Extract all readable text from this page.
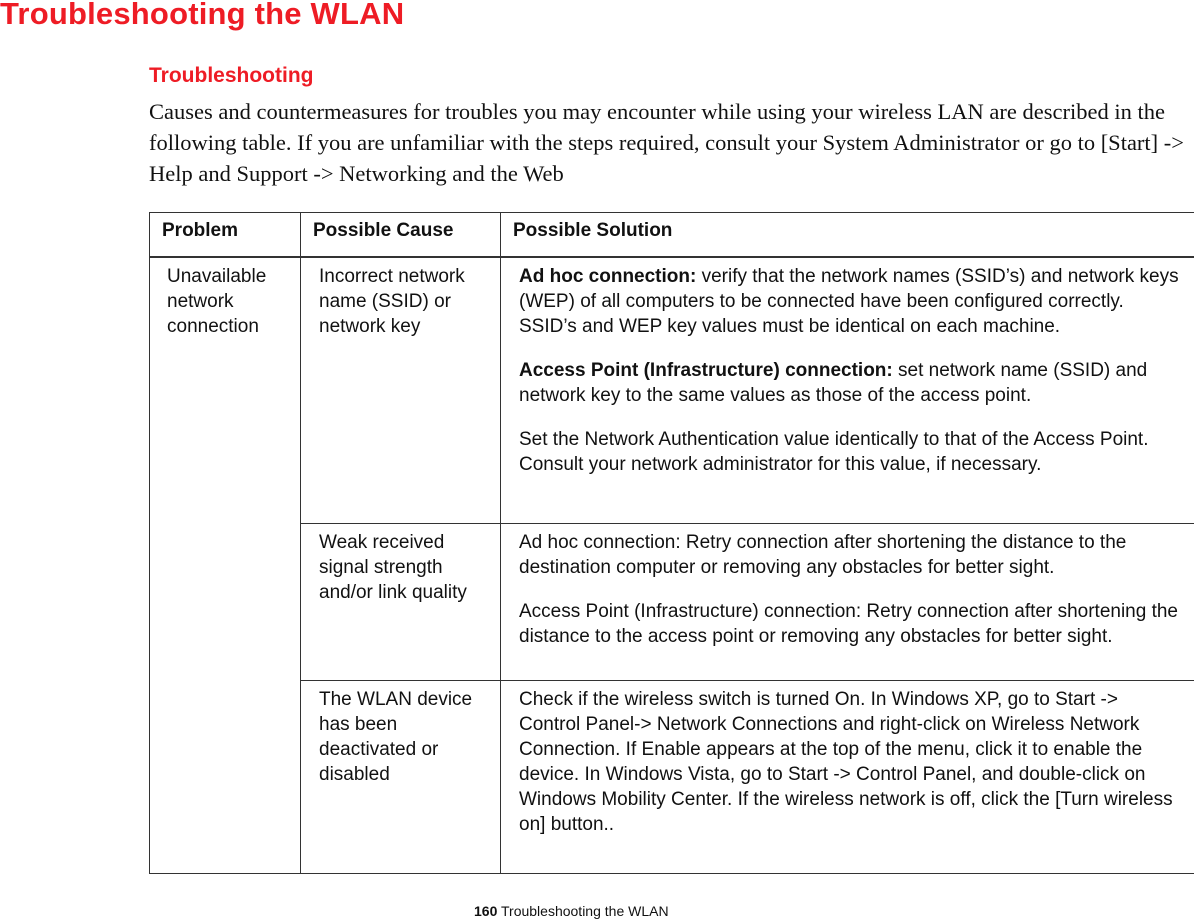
Troubleshooting the WLAN
Troubleshooting

Causes and countermeasures for troubles you may encounter while using your wireless LAN are described in the following table. If you are unfamiliar with the steps required, consult your System Administrator or go to [Start] -> Help and Support -> Networking and the Web

Problem	Possible Cause	Possible Solution
Unavailable network connection	Incorrect network name (SSID) or network key	Ad hoc connection: verify that the network names (SSID’s) and network keys (WEP) of all computers to be connected have been configured correctly. SSID’s and WEP key values must be identical on each machine.

Access Point (Infrastructure) connection: set network name (SSID) and network key to the same values as those of the access point.

Set the Network Authentication value identically to that of the Access Point. Consult your network administrator for this value, if necessary.

	Weak received signal strength and/or link quality	Ad hoc connection: Retry connection after shortening the distance to the destination computer or removing any obstacles for better sight.

Access Point (Infrastructure) connection: Retry connection after shortening the distance to the access point or removing any obstacles for better sight.

	The WLAN device has been deactivated or disabled	Check if the wireless switch is turned On. In Windows XP, go to Start -> Control Panel-> Network Connections and right-click on Wireless Network Connection. If Enable appears at the top of the menu, click it to enable the device. In Windows Vista, go to Start -> Control Panel, and double-click on Windows Mobility Center. If the wireless network is off, click the [Turn wireless on] button..

160 Troubleshooting the WLAN
